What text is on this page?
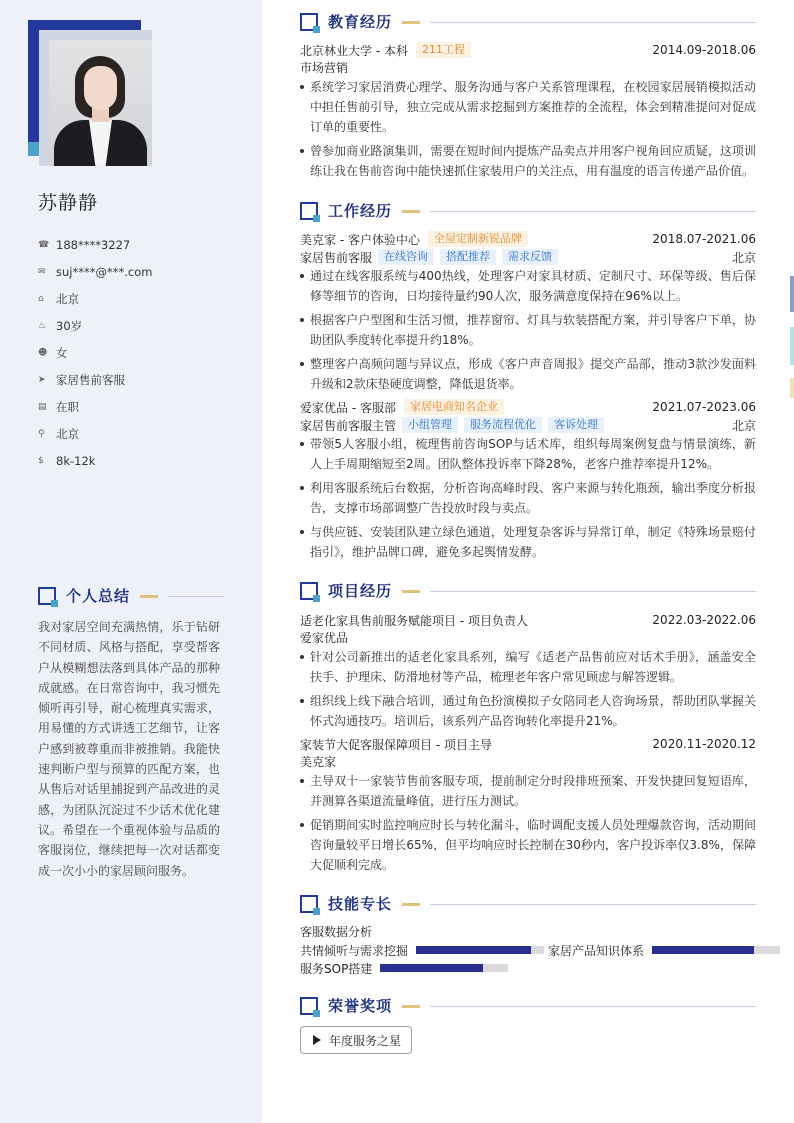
苏静静
☎ 188****3227
✉ suj****@***.com
⌂	北京
♨ 30岁
☻ 女
➤ 家居售前客服
▤ 在职
⚲ 北京
$	8k-12k
个人总结
我对家居空间充满热情，乐于钻研不同材质、风格与搭配，享受帮客户从模糊想法落到具体产品的那种成就感。在日常咨询中，我习惯先倾听再引导，耐心梳理真实需求，用易懂的方式讲透工艺细节，让客户感到被尊重而非被推销。我能快速判断户型与预算的匹配方案，也从售后对话里捕捉到产品改进的灵感，为团队沉淀过不少话术优化建议。希望在一个重视体验与品质的客服岗位，继续把每一次对话都变成一次小小的家居顾问服务。
教育经历
北京林业大学 - 本科	211工程	2014.09-2018.06
市场营销
系统学习家居消费心理学、服务沟通与客户关系管理课程，在校园家居展销模拟活动中担任售前引导，独立完成从需求挖掘到方案推荐的全流程，体会到精准提问对促成订单的重要性。
曾参加商业路演集训，需要在短时间内提炼产品卖点并用客户视角回应质疑，这项训练让我在售前咨询中能快速抓住家装用户的关注点，用有温度的语言传递产品价值。
工作经历
美克家 - 客户体验中心	全屋定制新锐品牌	2018.07-2021.06
家居售前客服	在线咨询	搭配推荐	需求反馈	北京
通过在线客服系统与400热线，处理客户对家具材质、定制尺寸、环保等级、售后保修等细节的咨询，日均接待量约90人次，服务满意度保持在96%以上。
根据客户户型图和生活习惯，推荐窗帘、灯具与软装搭配方案，并引导客户下单，协助团队季度转化率提升约18%。
整理客户高频问题与异议点，形成《客户声音周报》提交产品部，推动3款沙发面料升级和2款床垫硬度调整，降低退货率。
爱家优品 - 客服部	家居电商知名企业	2021.07-2023.06
家居售前客服主管	小组管理	服务流程优化	客诉处理	北京
带领5人客服小组，梳理售前咨询SOP与话术库，组织每周案例复盘与情景演练，新人上手周期缩短至2周。团队整体投诉率下降28%，老客户推荐率提升12%。
利用客服系统后台数据，分析咨询高峰时段、客户来源与转化瓶颈，输出季度分析报告，支撑市场部调整广告投放时段与卖点。
与供应链、安装团队建立绿色通道，处理复杂客诉与异常订单，制定《特殊场景赔付指引》，维护品牌口碑，避免多起舆情发酵。
项目经历
适老化家具售前服务赋能项目 - 项目负责人	2022.03-2022.06
爱家优品
针对公司新推出的适老化家具系列，编写《适老产品售前应对话术手册》，涵盖安全扶手、护理床、防滑地材等产品，梳理老年客户常见顾虑与解答逻辑。
组织线上线下融合培训，通过角色扮演模拟子女陪同老人咨询场景，帮助团队掌握关怀式沟通技巧。培训后，该系列产品咨询转化率提升21%。
家装节大促客服保障项目 - 项目主导	2020.11-2020.12
美克家
主导双十一家装节售前客服专项，提前制定分时段排班预案、开发快捷回复短语库，并测算各渠道流量峰值，进行压力测试。
促销期间实时监控响应时长与转化漏斗，临时调配支援人员处理爆款咨询，活动期间咨询量较平日增长65%，但平均响应时长控制在30秒内，客户投诉率仅3.8%，保障大促顺利完成。
技能专长
客服数据分析
共情倾听与需求挖掘	家居产品知识体系
服务SOP搭建
荣誉奖项
年度服务之星
